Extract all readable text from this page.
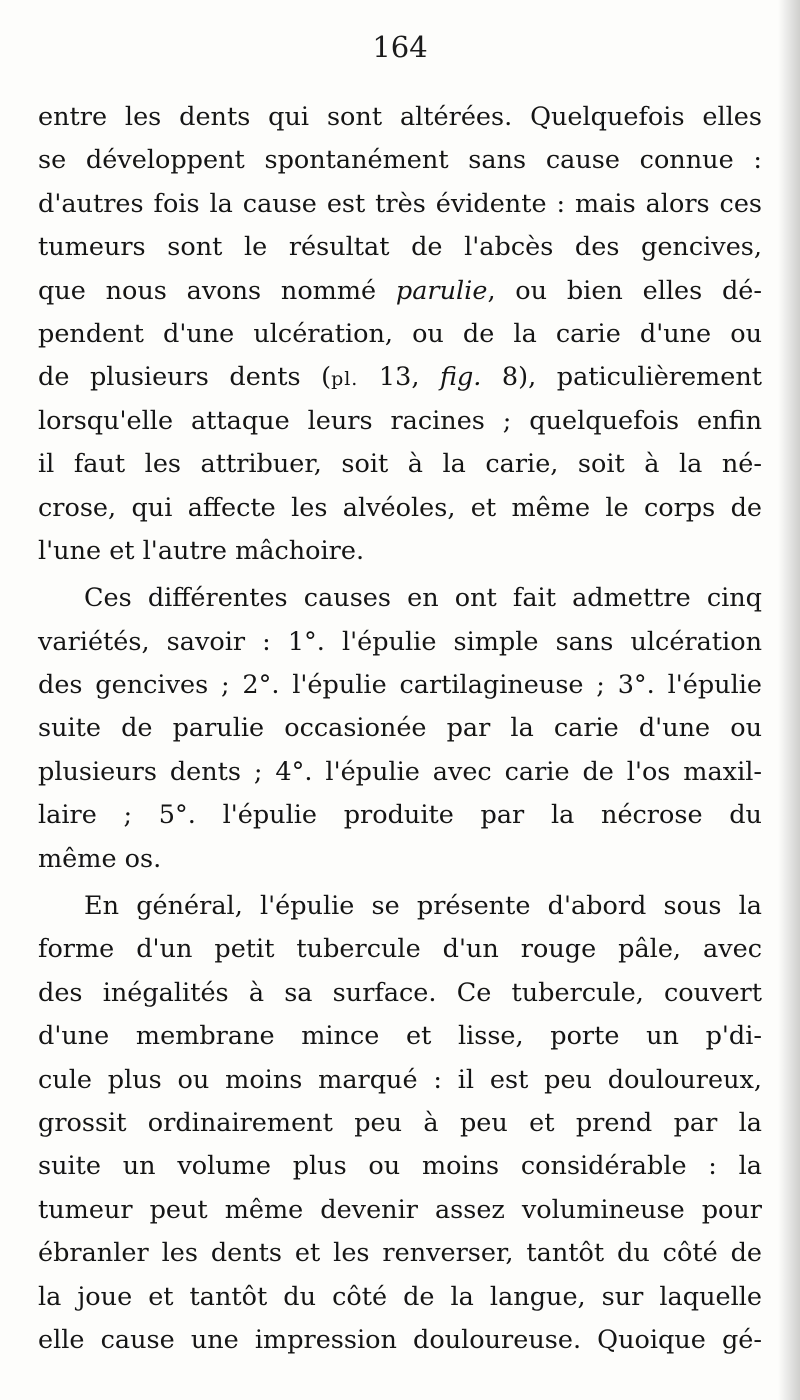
164
entre les dents qui sont altérées. Quelquefois elles
se développent spontanément sans cause connue :
d'autres fois la cause est très évidente : mais alors ces
tumeurs sont le résultat de l'abcès des gencives,
que nous avons nommé parulie, ou bien elles dé-
pendent d'une ulcération, ou de la carie d'une ou
de plusieurs dents (pl. 13, fig. 8), paticulièrement
lorsqu'elle attaque leurs racines ; quelquefois enfin
il faut les attribuer, soit à la carie, soit à la né-
crose, qui affecte les alvéoles, et même le corps de
l'une et l'autre mâchoire.
Ces différentes causes en ont fait admettre cinq
variétés, savoir : 1°. l'épulie simple sans ulcération
des gencives ; 2°. l'épulie cartilagineuse ; 3°. l'épulie
suite de parulie occasionée par la carie d'une ou
plusieurs dents ; 4°. l'épulie avec carie de l'os maxil-
laire ; 5°. l'épulie produite par la nécrose du
même os.
En général, l'épulie se présente d'abord sous la
forme d'un petit tubercule d'un rouge pâle, avec
des inégalités à sa surface. Ce tubercule, couvert
d'une membrane mince et lisse, porte un p'di-
cule plus ou moins marqué : il est peu douloureux,
grossit ordinairement peu à peu et prend par la
suite un volume plus ou moins considérable : la
tumeur peut même devenir assez volumineuse pour
ébranler les dents et les renverser, tantôt du côté de
la joue et tantôt du côté de la langue, sur laquelle
elle cause une impression douloureuse. Quoique gé-
